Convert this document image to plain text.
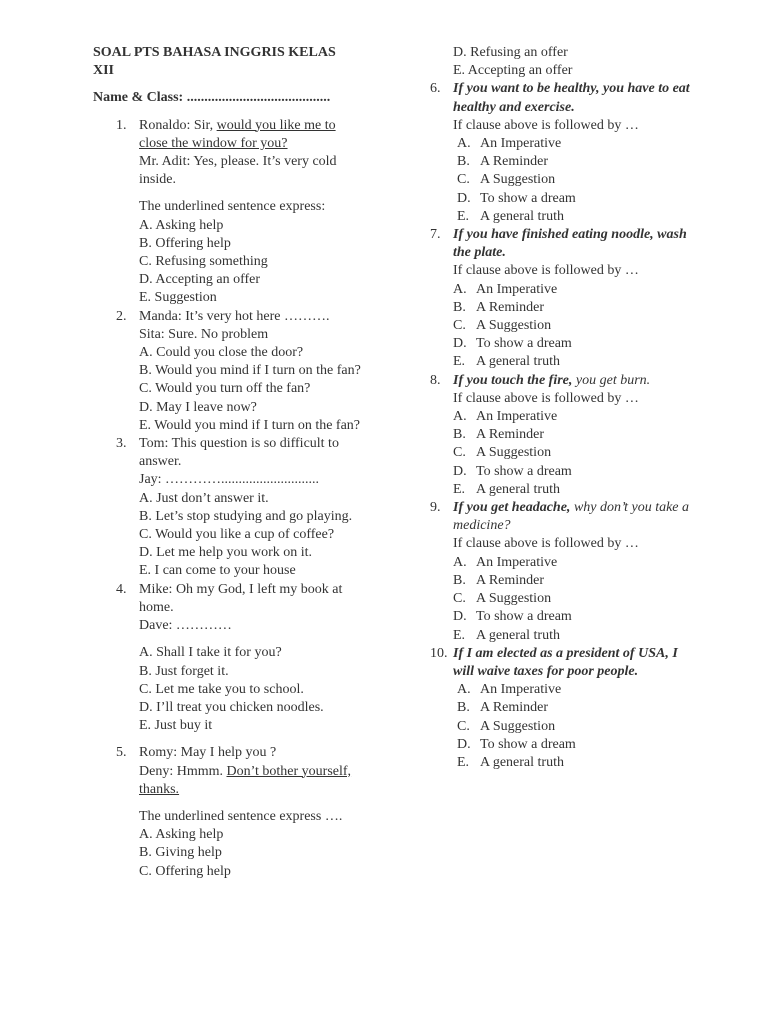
SOAL PTS BAHASA INGGRIS KELAS XII
Name & Class: .........................................
1. Ronaldo: Sir, would you like me to close the window for you?
Mr. Adit: Yes, please. It’s very cold inside.
The underlined sentence express:
A. Asking help
B. Offering help
C. Refusing something
D. Accepting an offer
E. Suggestion
2. Manda: It’s very hot here ……….
Sita: Sure. No problem
A. Could you close the door?
B. Would you mind if I turn on the fan?
C. Would you turn off the fan?
D. May I leave now?
E. Would you mind if I turn on the fan?
3. Tom: This question is so difficult to answer.
Jay: …………............................
A. Just don’t answer it.
B. Let’s stop studying and go playing.
C. Would you like a cup of coffee?
D. Let me help you work on it.
E. I can come to your house
4. Mike: Oh my God, I left my book at home.
Dave: …………
A. Shall I take it for you?
B. Just forget it.
C. Let me take you to school.
D. I’ll treat you chicken noodles.
E. Just buy it
5. Romy: May I help you ?
Deny: Hmmm. Don’t bother yourself, thanks.
The underlined sentence express ….
A. Asking help
B. Giving help
C. Offering help
D. Refusing an offer
E. Accepting an offer
6. If you want to be healthy, you have to eat healthy and exercise.
If clause above is followed by …
A. An Imperative
B. A Reminder
C. A Suggestion
D. To show a dream
E. A general truth
7. If you have finished eating noodle, wash the plate.
If clause above is followed by …
A. An Imperative
B. A Reminder
C. A Suggestion
D. To show a dream
E. A general truth
8. If you touch the fire, you get burn.
If clause above is followed by …
A. An Imperative
B. A Reminder
C. A Suggestion
D. To show a dream
E. A general truth
9. If you get headache, why don’t you take a medicine?
If clause above is followed by …
A. An Imperative
B. A Reminder
C. A Suggestion
D. To show a dream
E. A general truth
10. If I am elected as a president of USA, I will waive taxes for poor people.
A. An Imperative
B. A Reminder
C. A Suggestion
D. To show a dream
E. A general truth
